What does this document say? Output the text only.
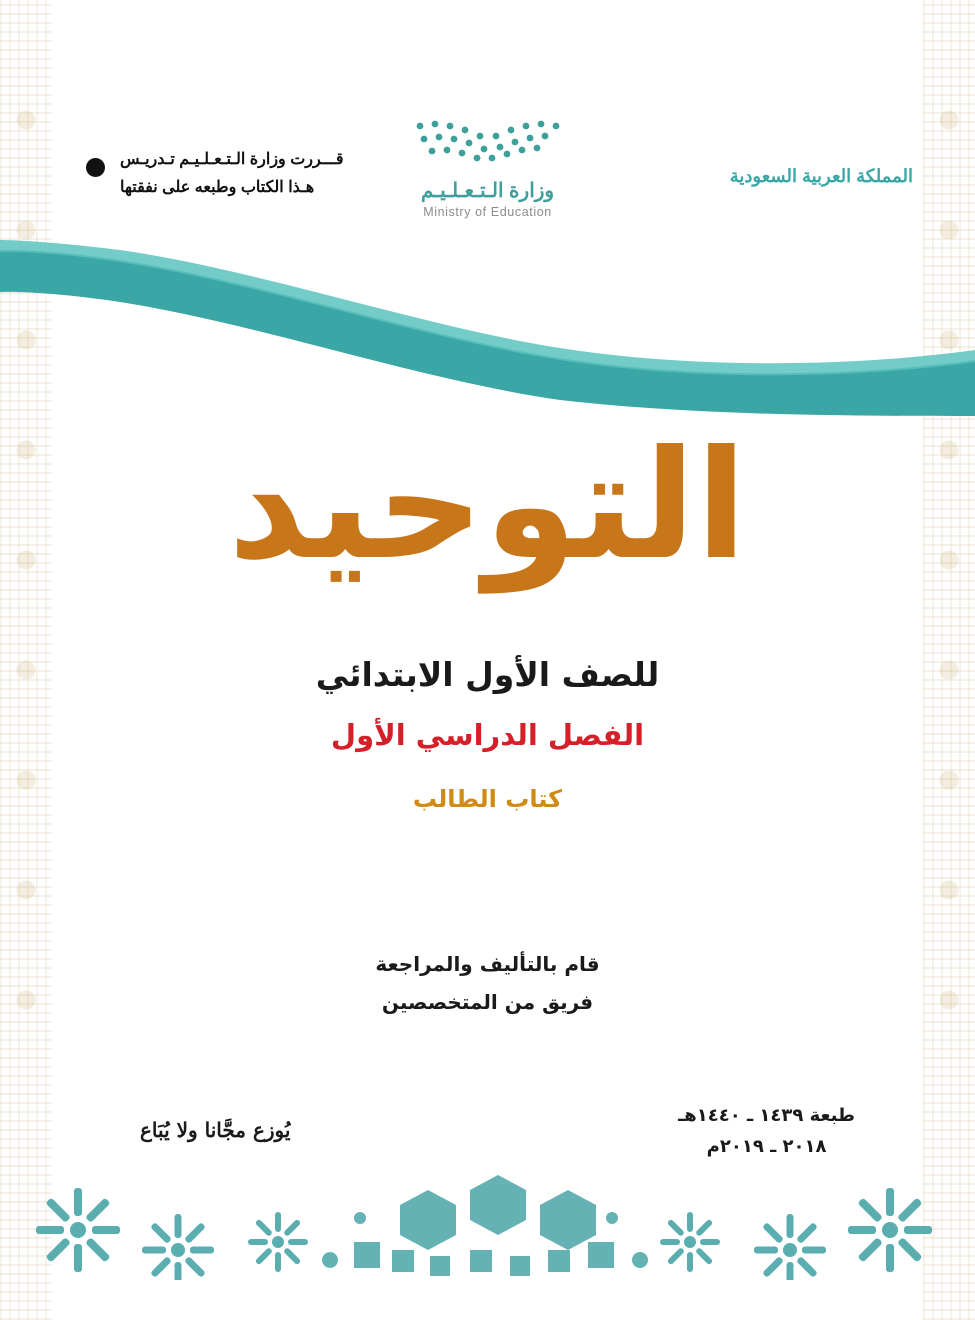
المملكة العربية السعودية
قـــررت وزارة الـتـعـلـيـم تـدريـس
هـذا الكتاب وطبعه على نفقتها	وزارة الـتـعـلـيـم
Ministry of Education
التوحيد
للصف الأول الابتدائي
الفصل الدراسي الأول
كتاب الطالب
قام بالتأليف والمراجعة
فريق من المتخصصين
طبعة ١٤٣٩ ـ ١٤٤٠هـ
٢٠١٨ ـ ٢٠١٩م
يُوزع مجَّانا ولا يُبَاع
